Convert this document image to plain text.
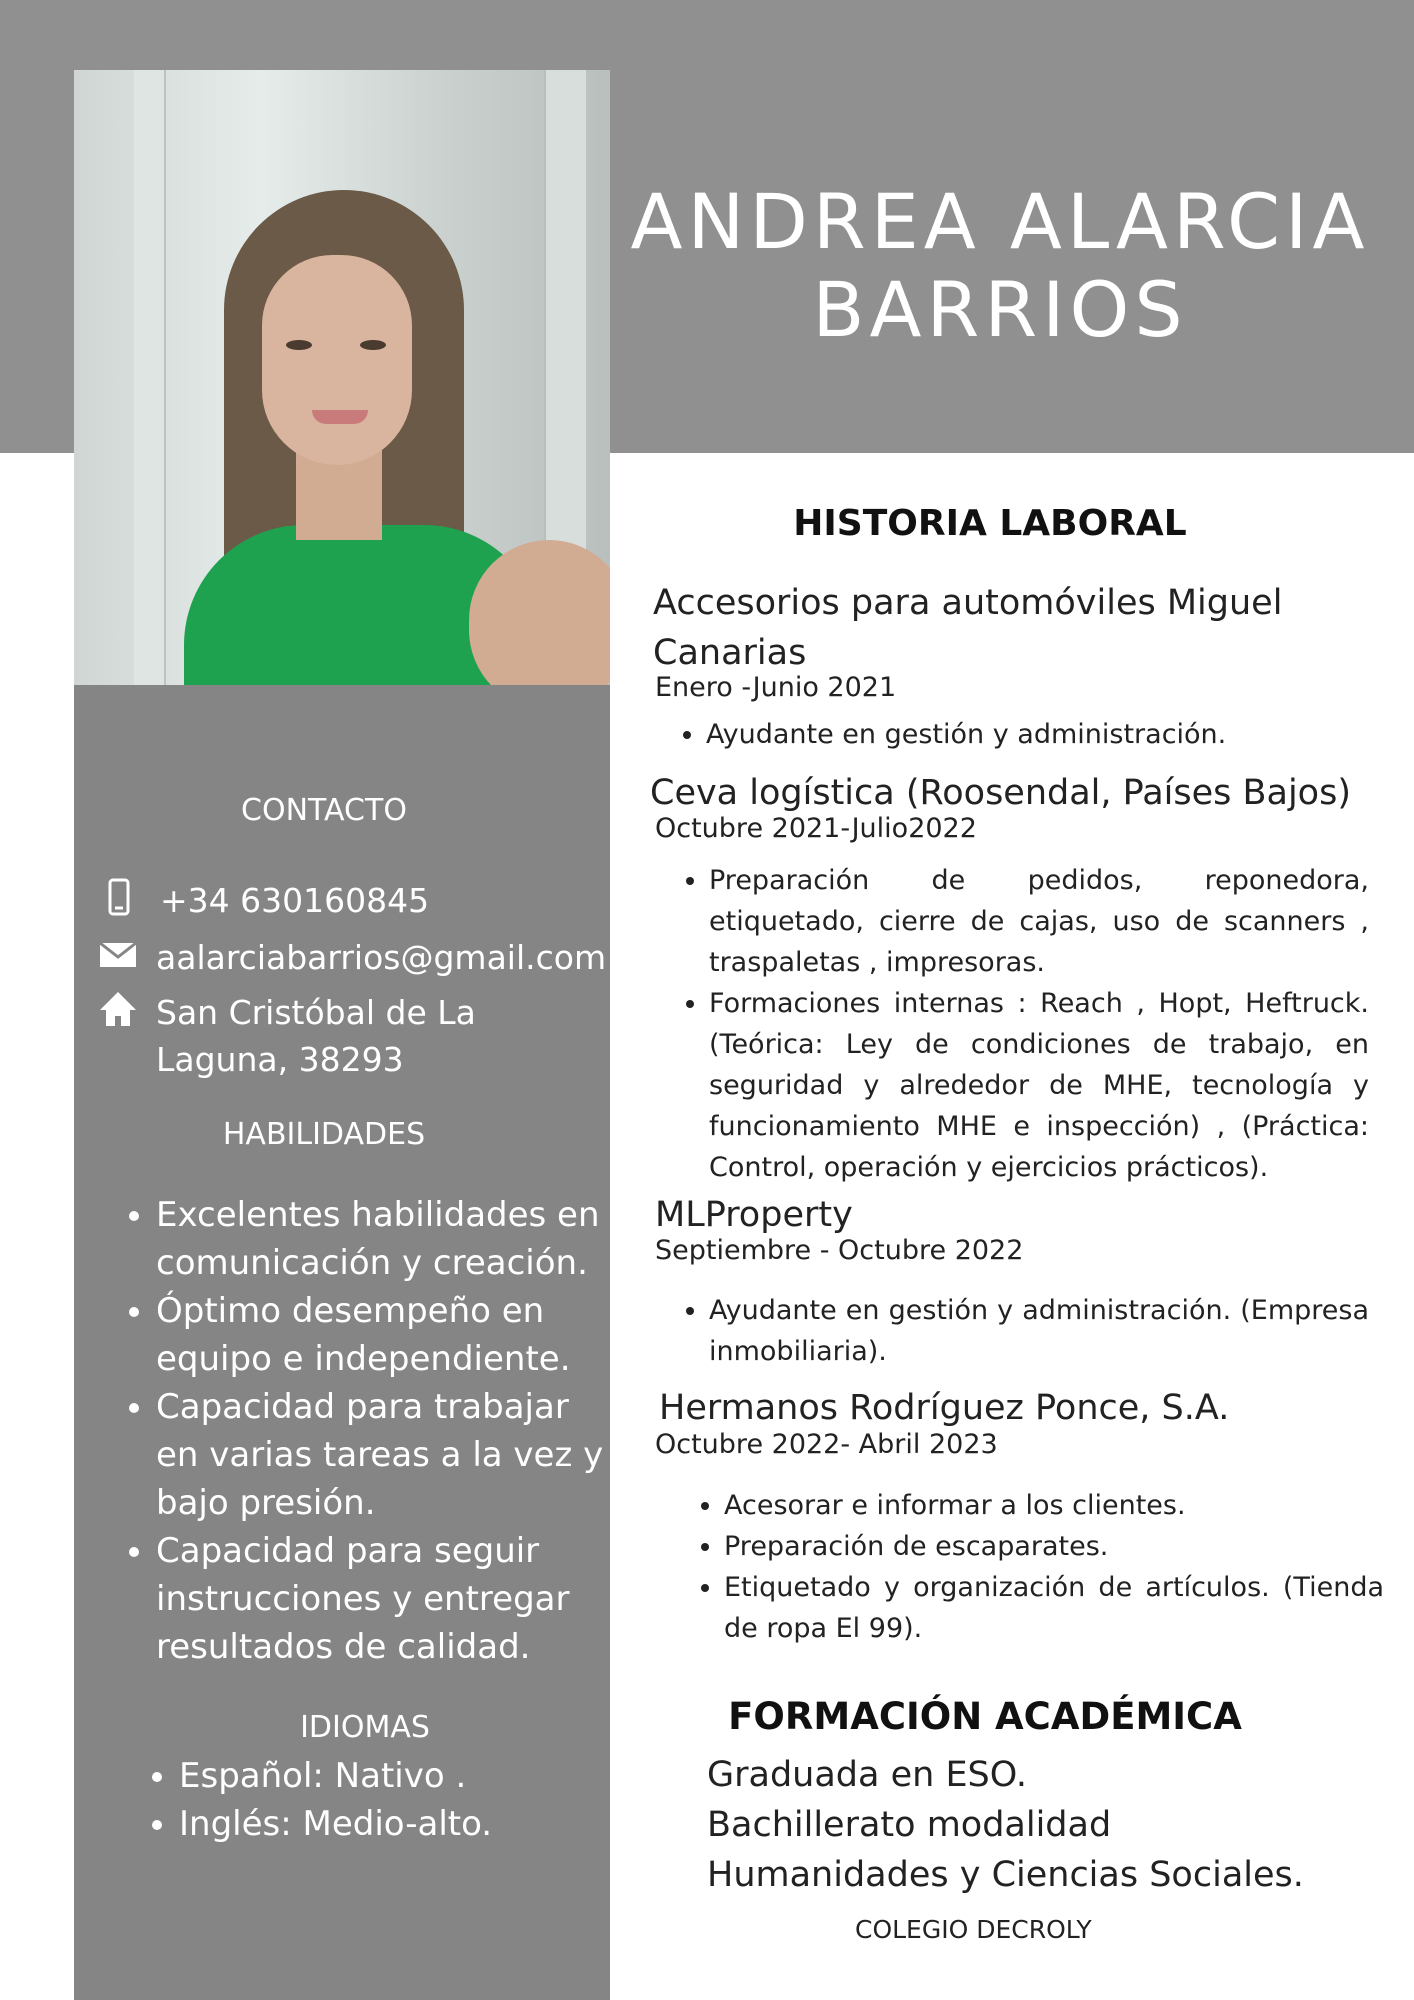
ANDREA ALARCIA
BARRIOS
CONTACTO
+34 630160845
aalarciabarrios@gmail.com
San Cristóbal de La
Laguna, 38293
HABILIDADES
• Excelentes habilidades en comunicación y creación.
• Óptimo desempeño en equipo e independiente.
• Capacidad para trabajar en varias tareas a la vez y bajo presión.
• Capacidad para seguir instrucciones y entregar resultados de calidad.
IDIOMAS
• Español: Nativo .
• Inglés: Medio-alto.
HISTORIA LABORAL
Accesorios para automóviles Miguel Canarias
Enero -Junio 2021
• Ayudante en gestión y administración.
Ceva logística (Roosendal, Países Bajos)
Octubre 2021-Julio2022
• Preparación de pedidos, reponedora, etiquetado, cierre de cajas, uso de scanners , traspaletas , impresoras.
• Formaciones internas : Reach , Hopt, Heftruck. (Teórica: Ley de condiciones de trabajo, en seguridad y alrededor de MHE, tecnología y funcionamiento MHE e inspección) , (Práctica: Control, operación y ejercicios prácticos).
MLProperty
Septiembre - Octubre 2022
• Ayudante en gestión y administración. (Empresa inmobiliaria).
Hermanos Rodríguez Ponce, S.A.
Octubre 2022- Abril 2023
• Acesorar e informar a los clientes.
• Preparación de escaparates.
• Etiquetado y organización de artículos. (Tienda de ropa El 99).
FORMACIÓN ACADÉMICA
Graduada en ESO.
Bachillerato modalidad
Humanidades y Ciencias Sociales.
COLEGIO DECROLY
